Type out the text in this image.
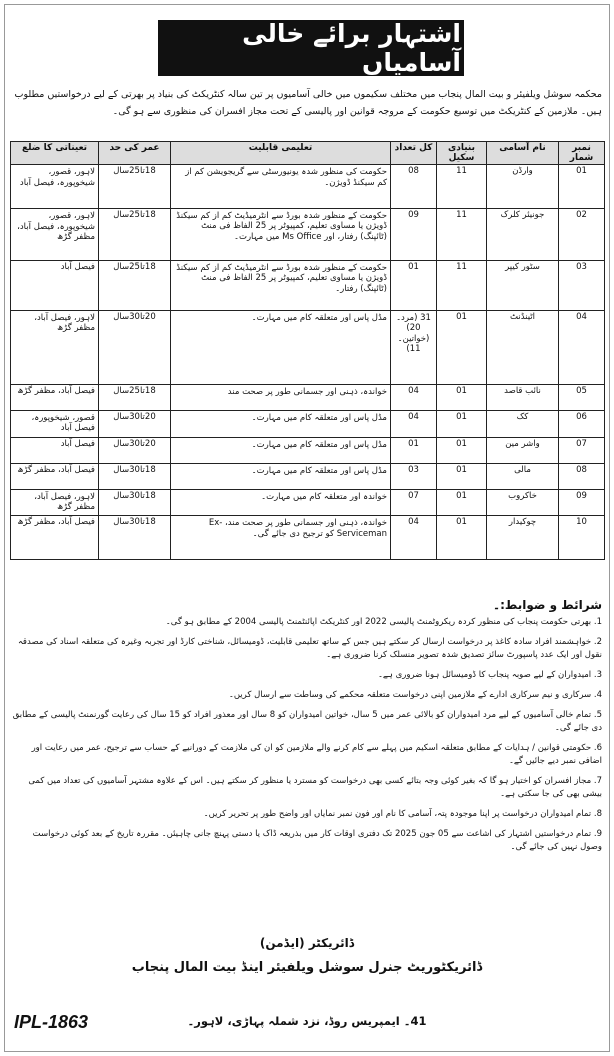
اشتہار برائے خالی آسامیاں
محکمہ سوشل ویلفیئر و بیت المال پنجاب میں مختلف سکیموں میں خالی آسامیوں پر تین سالہ کنٹریکٹ کی بنیاد پر بھرتی کے لیے درخواستیں مطلوب ہیں۔ ملازمین کے کنٹریکٹ میں توسیع حکومت کے مروجہ قوانین اور پالیسی کے تحت مجاز افسران کی منظوری سے ہو گی۔
نمبر شمار	نام آسامی	بنیادی سکیل	کل تعداد	تعلیمی قابلیت	عمر کی حد	تعیناتی کا ضلع
01	وارڈن	11	08	حکومت کی منظور شدہ یونیورسٹی سے گریجویشن کم از کم سیکنڈ ڈویژن۔	18تا25سال	لاہور، قصور، شیخوپورہ، فیصل آباد
02	جونیئر کلرک	11	09	حکومت کے منظور شدہ بورڈ سے انٹرمیڈیٹ کم از کم سیکنڈ ڈویژن یا مساوی تعلیم، کمپیوٹر پر 25 الفاظ فی منٹ (ٹائپنگ) رفتار، اور Ms Office میں مہارت۔	18تا25سال	لاہور، قصور، شیخوپورہ، فیصل آباد، مظفر گڑھ
03	سٹور کیپر	11	01	حکومت کے منظور شدہ بورڈ سے انٹرمیڈیٹ کم از کم سیکنڈ ڈویژن یا مساوی تعلیم، کمپیوٹر پر 25 الفاظ فی منٹ (ٹائپنگ) رفتار۔	18تا25سال	فیصل آباد
04	اٹینڈنٹ	01	31 (مرد۔20) (خواتین۔11)	مڈل پاس اور متعلقہ کام میں مہارت۔	20تا30سال	لاہور، فیصل آباد، مظفر گڑھ
05	نائب قاصد	01	04	خواندہ، ذہنی اور جسمانی طور پر صحت مند	18تا25سال	فیصل آباد، مظفر گڑھ
06	کک	01	04	مڈل پاس اور متعلقہ کام میں مہارت۔	20تا30سال	قصور، شیخوپورہ، فیصل آباد
07	واشر مین	01	01	مڈل پاس اور متعلقہ کام میں مہارت۔	20تا30سال	فیصل آباد
08	مالی	01	03	مڈل پاس اور متعلقہ کام میں مہارت۔	18تا30سال	فیصل آباد، مظفر گڑھ
09	خاکروب	01	07	خواندہ اور متعلقہ کام میں مہارت۔	18تا30سال	لاہور، فیصل آباد، مظفر گڑھ
10	چوکیدار	01	04	خواندہ، ذہنی اور جسمانی طور پر صحت مند، Ex-Serviceman کو ترجیح دی جائے گی۔	18تا30سال	فیصل آباد، مظفر گڑھ
شرائط و ضوابط:۔
1. بھرتی حکومت پنجاب کی منظور کردہ ریکروٹمنٹ پالیسی 2022 اور کنٹریکٹ اپائنٹمنٹ پالیسی 2004 کے مطابق ہو گی۔
2. خواہشمند افراد سادہ کاغذ پر درخواست ارسال کر سکتے ہیں جس کے ساتھ تعلیمی قابلیت، ڈومیسائل، شناختی کارڈ اور تجربہ وغیرہ کی متعلقہ اسناد کی مصدقہ نقول اور ایک عدد پاسپورٹ سائز تصدیق شدہ تصویر منسلک کرنا ضروری ہے۔
3. امیدواران کے لیے صوبہ پنجاب کا ڈومیسائل ہونا ضروری ہے۔
4. سرکاری و نیم سرکاری ادارے کے ملازمین اپنی درخواست متعلقہ محکمے کی وساطت سے ارسال کریں۔
5. تمام خالی آسامیوں کے لیے مرد امیدواران کو بالائی عمر میں 5 سال، خواتین امیدواران کو 8 سال اور معذور افراد کو 15 سال کی رعایت گورنمنٹ پالیسی کے مطابق دی جائے گی۔
6. حکومتی قوانین / ہدایات کے مطابق متعلقہ اسکیم میں پہلے سے کام کرنے والے ملازمین کو ان کی ملازمت کے دورانیے کے حساب سے ترجیح، عمر میں رعایت اور اضافی نمبر دیے جائیں گے۔
7. مجاز افسران کو اختیار ہو گا کہ بغیر کوئی وجہ بتائے کسی بھی درخواست کو مسترد یا منظور کر سکتے ہیں۔ اس کے علاوہ مشتہر آسامیوں کی تعداد میں کمی بیشی بھی کی جا سکتی ہے۔
8. تمام امیدواران درخواست پر اپنا موجودہ پتہ، آسامی کا نام اور فون نمبر نمایاں اور واضح طور پر تحریر کریں۔
9. تمام درخواستیں اشتہار کی اشاعت سے 05 جون 2025 تک دفتری اوقات کار میں بذریعہ ڈاک یا دستی پہنچ جانی چاہیئں۔ مقررہ تاریخ کے بعد کوئی درخواست وصول نہیں کی جائے گی۔
ڈائریکٹر (ایڈمن)
ڈائریکٹوریٹ جنرل سوشل ویلفیئر اینڈ بیت المال پنجاب
41۔ ایمپریس روڈ، نزد شملہ پہاڑی، لاہور۔
IPL-1863
